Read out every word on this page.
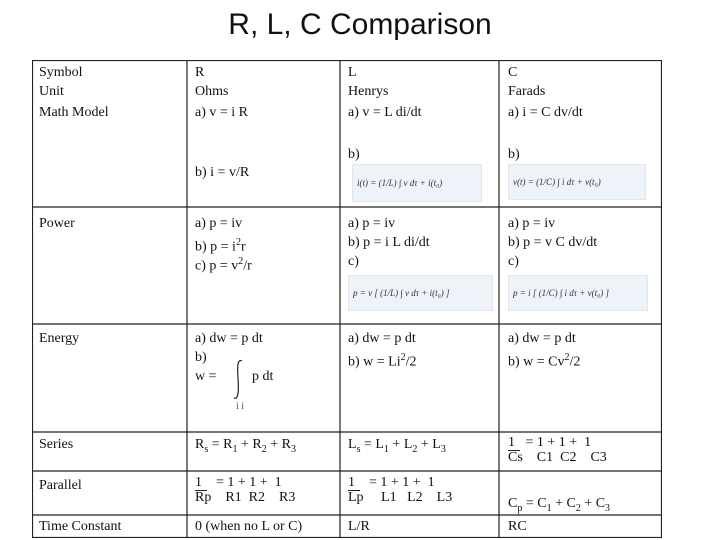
R, L, C Comparison
Symbol
Unit
Math Model
Power
Energy
Series
Parallel
Time Constant
R
Ohms
a) v = i R
b) i = v/R
a) p = iv
b) $p = i^2r$
c) $p = v^2/r$
a) dw = p dt
b)
w =	p dt
i i
$R_s = R_1 + R_2 + R_3$
1    = 1 + 1 +  1
Rp    R1  R2    R3
0 (when no L or C)
L
Henrys
a) v = L di/dt
b)
i(t) = (1/L) ∫ v dτ + i(t₀)
a) p = iv
b) p = i L di/dt
c)
p = v [ (1/L) ∫ v dτ + i(t₀) ]
a) dw = p dt
b) $w = Li^2/2$
$L_s = L_1 + L_2 + L_3$
1    = 1 + 1 +  1
Lp     L1   L2    L3
L/R
C
Farads
a) i = C dv/dt
b)
v(t) = (1/C) ∫ i dτ + v(t₀)
a) p = iv
b) p = v C dv/dt
c)
p = i [ (1/C) ∫ i dτ + v(t₀) ]
a) dw = p dt
b) $w = Cv^2/2$
1   = 1 + 1 +  1
Cs    C1  C2    C3
$C_p = C_1 + C_2 + C_3$
RC
